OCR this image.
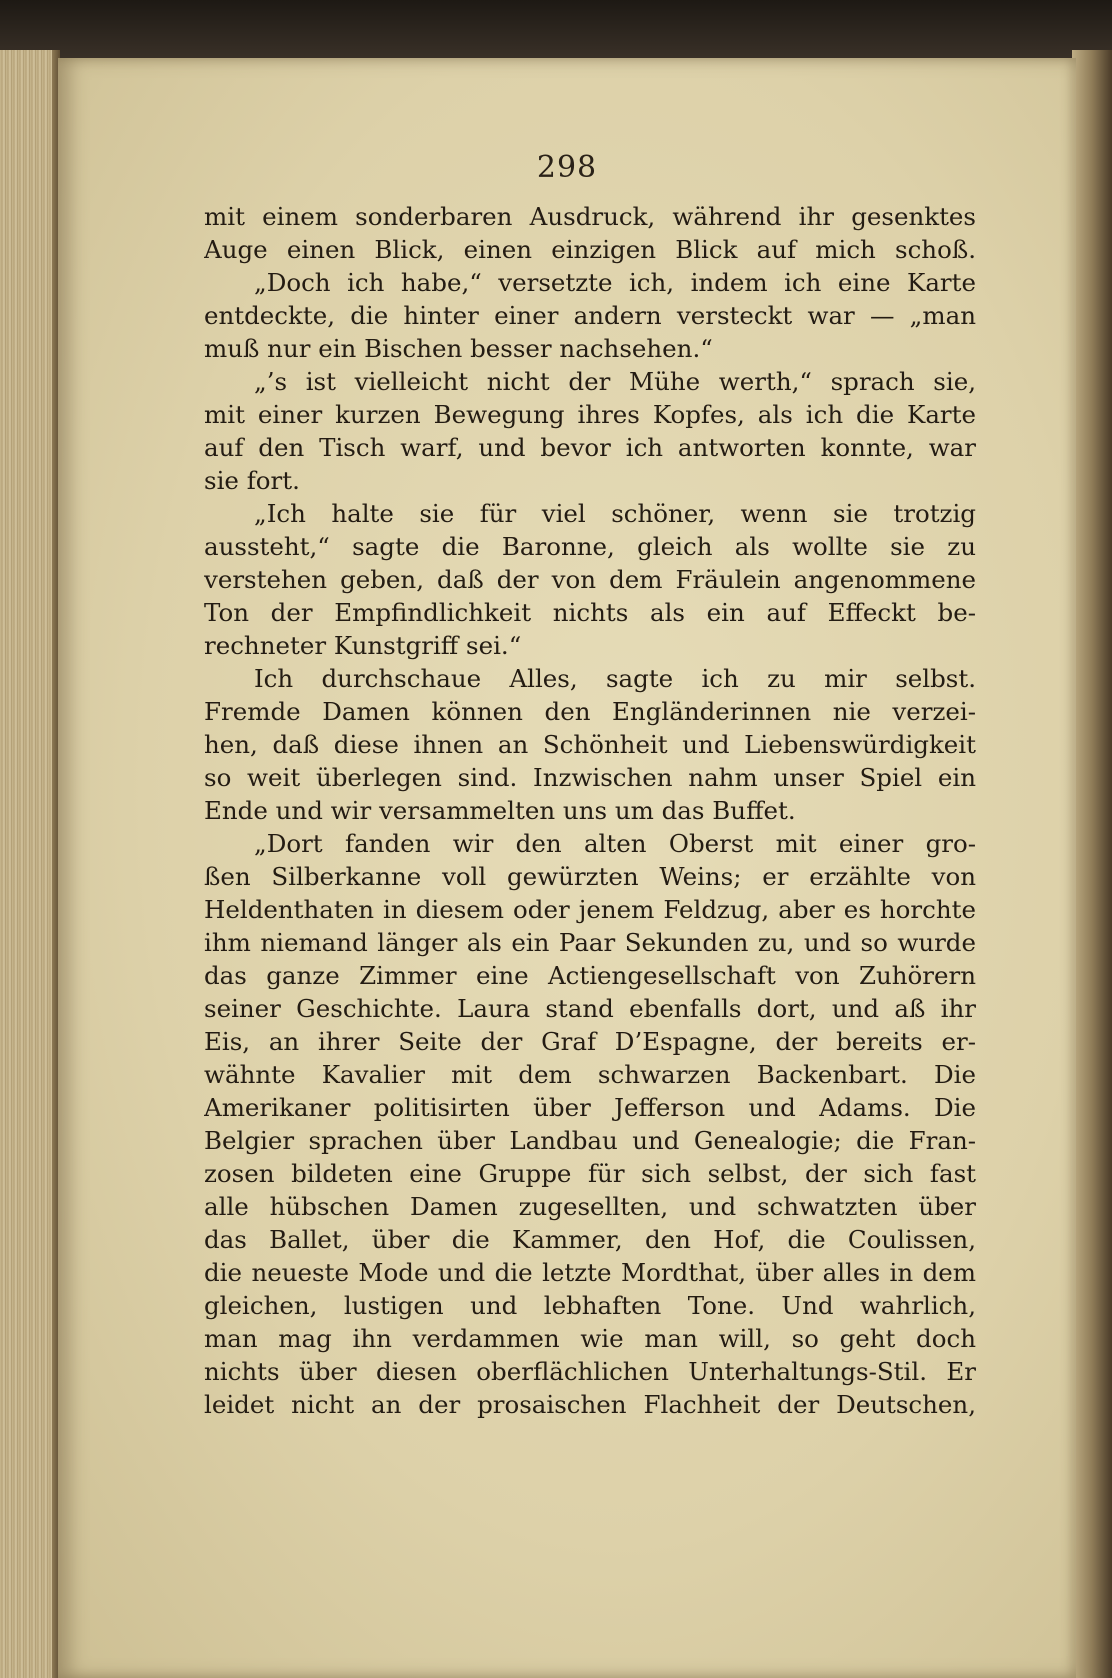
298
mit einem sonderbaren Ausdruck, während ihr gesenktes
Auge einen Blick, einen einzigen Blick auf mich schoß.
„Doch ich habe,“ versetzte ich, indem ich eine Karte
entdeckte, die hinter einer andern versteckt war — „man
muß nur ein Bischen besser nachsehen.“
„’s ist vielleicht nicht der Mühe werth,“ sprach sie,
mit einer kurzen Bewegung ihres Kopfes, als ich die Karte
auf den Tisch warf, und bevor ich antworten konnte, war
sie fort.
„Ich halte sie für viel schöner, wenn sie trotzig
aussteht,“ sagte die Baronne, gleich als wollte sie zu
verstehen geben, daß der von dem Fräulein angenommene
Ton der Empfindlichkeit nichts als ein auf Effeckt be-
rechneter Kunstgriff sei.“
Ich durchschaue Alles, sagte ich zu mir selbst.
Fremde Damen können den Engländerinnen nie verzei-
hen, daß diese ihnen an Schönheit und Liebenswürdigkeit
so weit überlegen sind. Inzwischen nahm unser Spiel ein
Ende und wir versammelten uns um das Buffet.
„Dort fanden wir den alten Oberst mit einer gro-
ßen Silberkanne voll gewürzten Weins; er erzählte von
Heldenthaten in diesem oder jenem Feldzug, aber es horchte
ihm niemand länger als ein Paar Sekunden zu, und so wurde
das ganze Zimmer eine Actiengesellschaft von Zuhörern
seiner Geschichte. Laura stand ebenfalls dort, und aß ihr
Eis, an ihrer Seite der Graf D’Espagne, der bereits er-
wähnte Kavalier mit dem schwarzen Backenbart. Die
Amerikaner politisirten über Jefferson und Adams. Die
Belgier sprachen über Landbau und Genealogie; die Fran-
zosen bildeten eine Gruppe für sich selbst, der sich fast
alle hübschen Damen zugesellten, und schwatzten über
das Ballet, über die Kammer, den Hof, die Coulissen,
die neueste Mode und die letzte Mordthat, über alles in dem
gleichen, lustigen und lebhaften Tone. Und wahrlich,
man mag ihn verdammen wie man will, so geht doch
nichts über diesen oberflächlichen Unterhaltungs-Stil. Er
leidet nicht an der prosaischen Flachheit der Deutschen,
